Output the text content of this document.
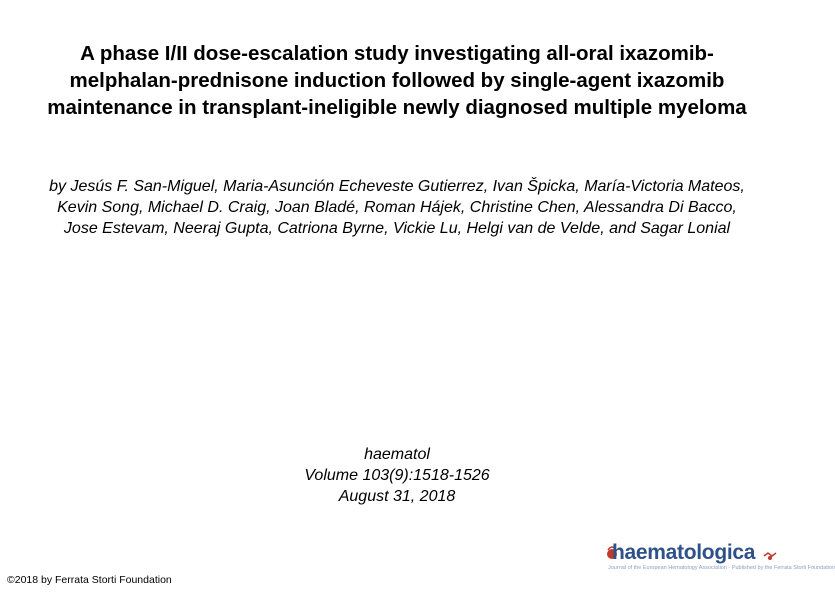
A phase I/II dose-escalation study investigating all-oral ixazomib-melphalan-prednisone induction followed by single-agent ixazomib maintenance in transplant-ineligible newly diagnosed multiple myeloma

by Jesús F. San-Miguel, Maria-Asunción Echeveste Gutierrez, Ivan Špicka, María-Victoria Mateos, Kevin Song, Michael D. Craig, Joan Bladé, Roman Hájek, Christine Chen, Alessandra Di Bacco, Jose Estevam, Neeraj Gupta, Catriona Byrne, Vickie Lu, Helgi van de Velde, and Sagar Lonial

haematol
Volume 103(9):1518-1526
August 31, 2018
©2018 by Ferrata Storti Foundation
haematologica
Journal of the European Hematology Association · Published by the Ferrata Storti Foundation
